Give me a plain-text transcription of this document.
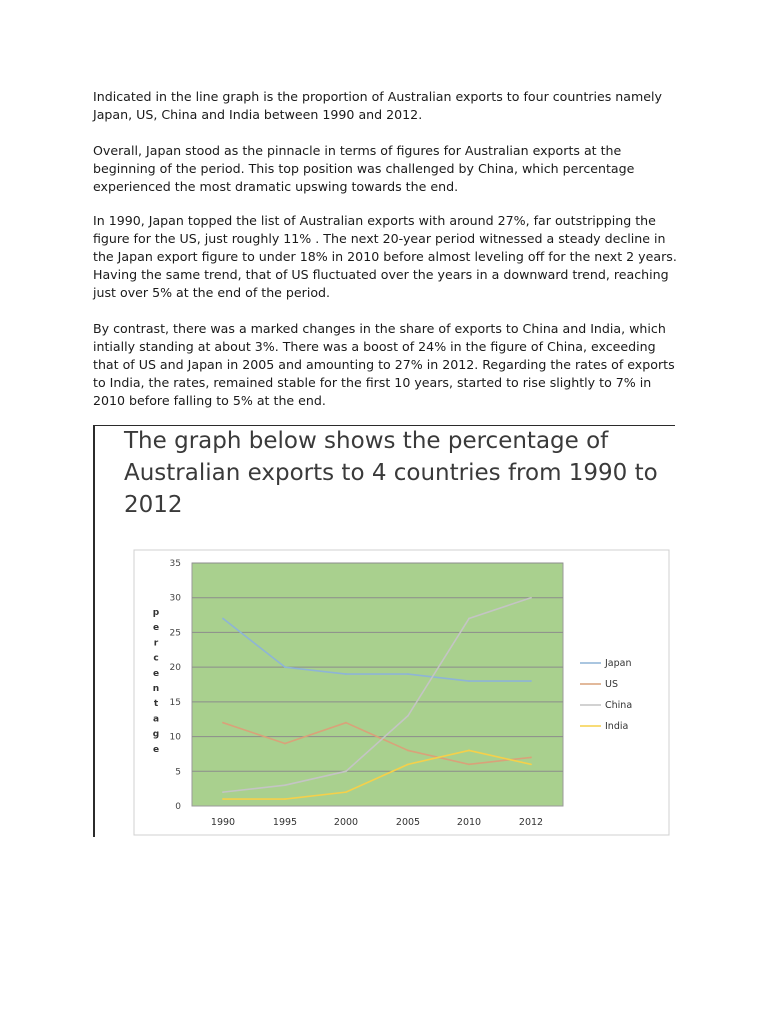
Indicated in the line graph is the proportion of Australian exports to four countries namely Japan, US, China and India between 1990 and 2012.

Overall, Japan stood as the pinnacle in terms of figures for Australian exports at the beginning of the period. This top position was challenged by China, which percentage experienced the most dramatic upswing towards the end.

In 1990, Japan topped the list of Australian exports with around 27%, far outstripping the figure for the US, just roughly 11% . The next 20-year period witnessed a steady decline in the Japan export figure to under 18% in 2010 before almost leveling off for the next 2 years. Having the same trend, that of US fluctuated over the years in a downward trend, reaching just over 5% at the end of the period.

By contrast, there was a marked changes in the share of exports to China and India, which intially standing at about 3%. There was a boost of 24% in the figure of China, exceeding that of US and Japan in 2005 and amounting to 27% in 2012. Regarding the rates of exports to India, the rates, remained stable for the first 10 years, started to rise slightly to 7% in 2010 before falling to 5% at the end.

The graph below shows the percentage of Australian exports to 4 countries from 1990 to 2012

0
5
10
15
20
25
30
35
p e r c e n t a g e
1990	1995	2000	2005	2010	2012
Japan
US
China
India
